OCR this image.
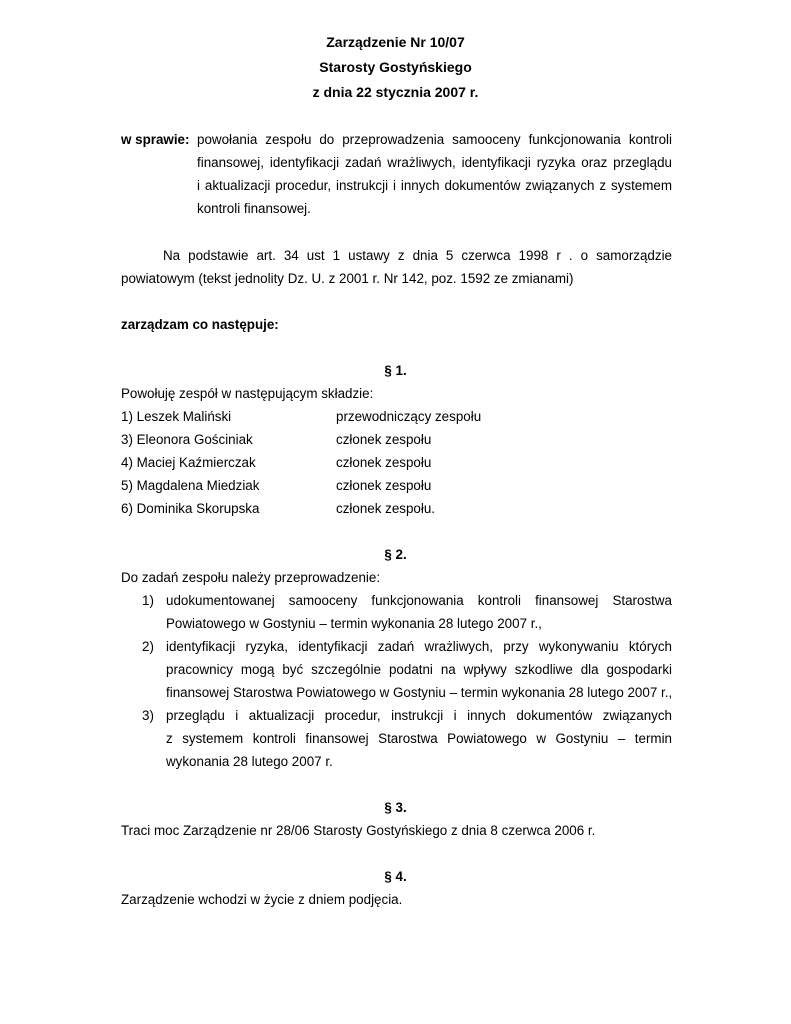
Zarządzenie Nr 10/07
Starosty Gostyńskiego
z dnia 22 stycznia 2007 r.
w sprawie: powołania zespołu do przeprowadzenia samooceny funkcjonowania kontroli
finansowej, identyfikacji zadań wrażliwych, identyfikacji ryzyka oraz przeglądu
i aktualizacji procedur, instrukcji i innych dokumentów związanych z systemem
kontroli finansowej.
Na podstawie art. 34 ust 1 ustawy z dnia 5 czerwca 1998 r . o samorządzie
powiatowym (tekst jednolity Dz. U. z 2001 r. Nr 142, poz. 1592 ze zmianami)
zarządzam co następuje:
§ 1.
Powołuję zespół w następującym składzie:
1) Leszek Maliński	przewodniczący zespołu
3) Eleonora Gościniak	członek zespołu
4) Maciej Kaźmierczak	członek zespołu
5) Magdalena Miedziak	członek zespołu
6) Dominika Skorupska	członek zespołu.
§ 2.
Do zadań zespołu należy przeprowadzenie:
1) udokumentowanej samooceny funkcjonowania kontroli finansowej Starostwa
Powiatowego w Gostyniu – termin wykonania 28 lutego 2007 r.,
2) identyfikacji ryzyka, identyfikacji zadań wrażliwych, przy wykonywaniu których
pracownicy mogą być szczególnie podatni na wpływy szkodliwe dla gospodarki
finansowej Starostwa Powiatowego w Gostyniu – termin wykonania 28 lutego 2007 r.,
3) przeglądu i aktualizacji procedur, instrukcji i innych dokumentów związanych
z systemem kontroli finansowej Starostwa Powiatowego w Gostyniu – termin
wykonania 28 lutego 2007 r.
§ 3.
Traci moc Zarządzenie nr 28/06 Starosty Gostyńskiego z dnia 8 czerwca 2006 r.
§ 4.
Zarządzenie wchodzi w życie z dniem podjęcia.
